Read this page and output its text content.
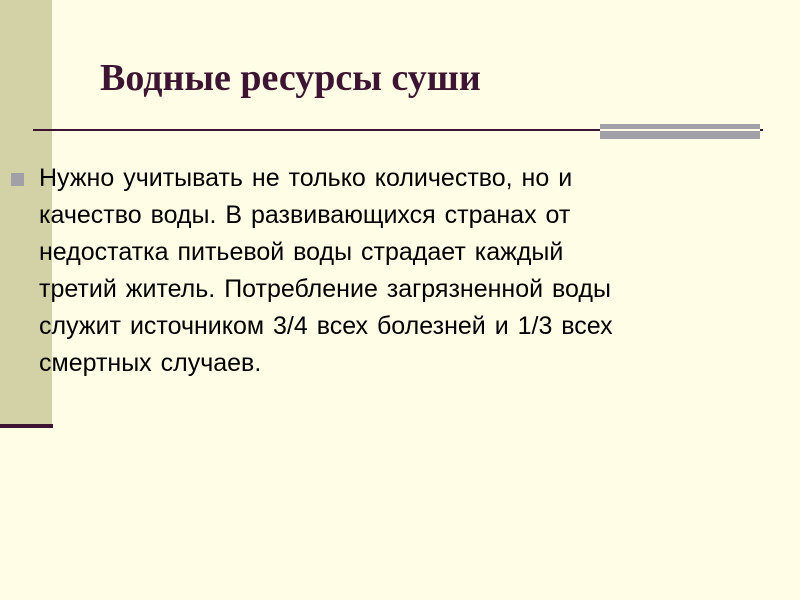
Водные ресурсы суши

Нужно учитывать не только количество, но и
качество воды. В развивающихся странах от
недостатка питьевой воды страдает каждый
третий житель. Потребление загрязненной воды
служит источником 3/4 всех болезней и 1/3 всех
смертных случаев.
